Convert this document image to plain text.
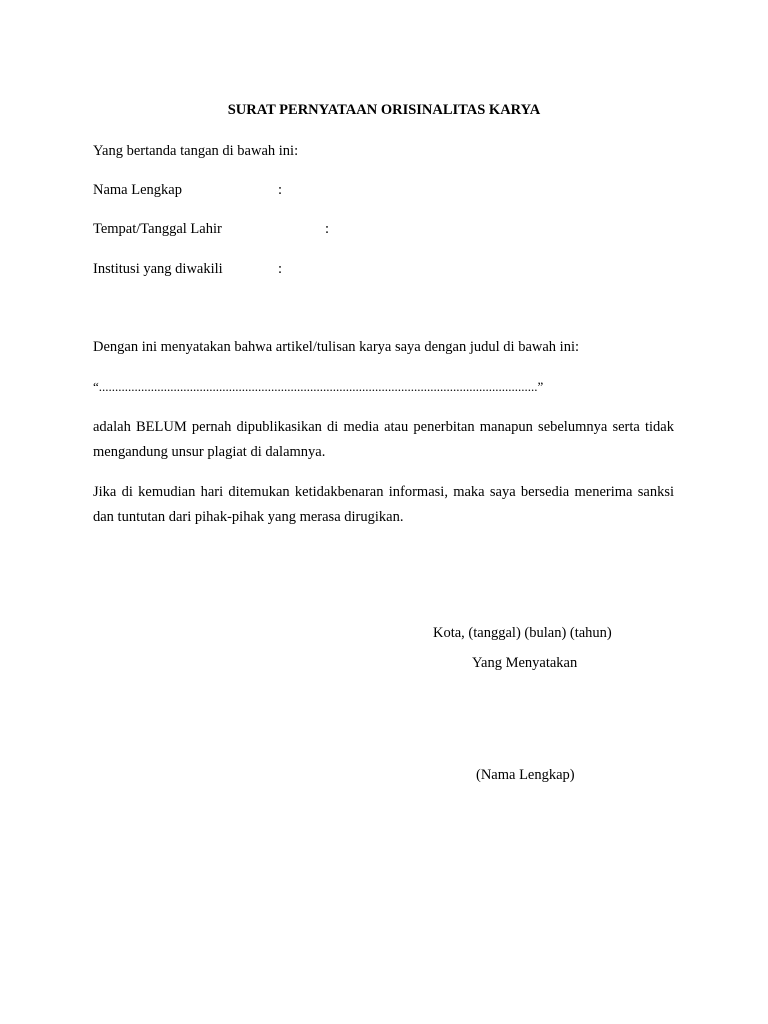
SURAT PERNYATAAN ORISINALITAS KARYA
Yang bertanda tangan di bawah ini:
Nama Lengkap	:
Tempat/Tanggal Lahir	:
Institusi yang diwakili	:
Dengan ini menyatakan bahwa artikel/tulisan karya saya dengan judul di bawah ini:
“.......................................................................................................................................”
adalah BELUM pernah dipublikasikan di media atau penerbitan manapun sebelumnya serta tidak mengandung unsur plagiat di dalamnya.
Jika di kemudian hari ditemukan ketidakbenaran informasi, maka saya bersedia menerima sanksi dan tuntutan dari pihak-pihak yang merasa dirugikan.
Kota, (tanggal) (bulan) (tahun)
Yang Menyatakan
(Nama Lengkap)
